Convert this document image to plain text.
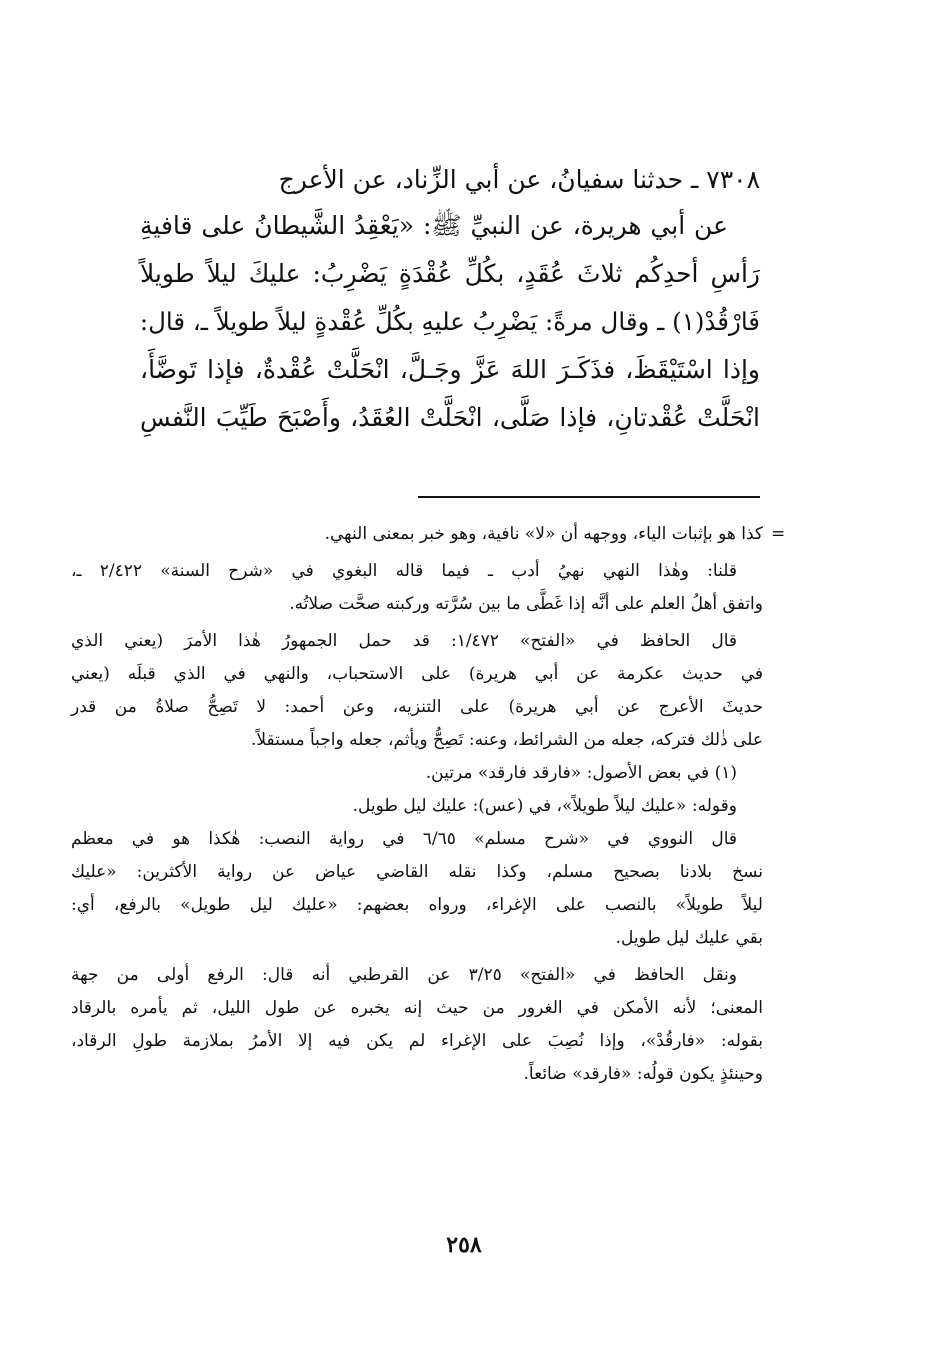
٧٣٠٨ ـ حدثنا سفيانُ، عن أبي الزِّناد، عن الأعرج

عن أبي هريرة، عن النبيِّ ﷺ: «يَعْقِدُ الشَّيطانُ على قافيةِ

رَأسِ أحدِكُم ثلاثَ عُقَدٍ، بكُلِّ عُقْدَةٍ يَضْرِبُ: عليكَ ليلاً طويلاً

فَارْقُدْ(١) ـ وقال مرةً: يَضْرِبُ عليهِ بكُلِّ عُقْدةٍ ليلاً طويلاً ـ، قال:

وإذا اسْتَيْقَظَ، فذَكَـرَ اللهَ عَزَّ وجَـلَّ، انْحَلَّتْ عُقْدةٌ، فإذا تَوضَّأَ،

انْحَلَّتْ عُقْدتانِ، فإذا صَلَّى، انْحَلَّتْ العُقَدُ، وأَصْبَحَ طَيِّبَ النَّفسِ

=
كذا هو بإثبات الياء، ووجهه أن «لا» نافية، وهو خبر بمعنى النهي.

قلنا: وهٰذا النهي نهيُ أدب ـ فيما قاله البغوي في «شرح السنة» ٢/٤٢٢ ـ،

واتفق أهلُ العلم على أنَّه إذا غَطَّى ما بين سُرَّته وركبته صحَّت صلاتُه.

قال الحافظ في «الفتح» ١/٤٧٢: قد حمل الجمهورُ هٰذا الأمرَ (يعني الذي

في حديث عكرمة عن أبي هريرة) على الاستحباب، والنهي في الذي قبلَه (يعني

حديثَ الأعرج عن أبي هريرة) على التنزيه، وعن أحمد: لا تَصِحُّ صلاةُ من قدر

على ذٰلك فتركه، جعله من الشرائط، وعنه: تَصِحُّ ويأثم، جعله واجباً مستقلاً.

(١) في بعض الأصول: «فارقد فارقد» مرتين.

وقوله: «عليك ليلاً طويلاً»، في (عس): عليك ليل طويل.

قال النووي في «شرح مسلم» ٦/٦٥ في رواية النصب: هٰكذا هو في معظم

نسخ بلادنا بصحيح مسلم، وكذا نقله القاضي عياض عن رواية الأكثرين: «عليك

ليلاً طويلاً» بالنصب على الإغراء، ورواه بعضهم: «عليك ليل طويل» بالرفع، أي:

بقي عليك ليل طويل.

ونقل الحافظ في «الفتح» ٣/٢٥ عن القرطبي أنه قال: الرفع أولى من جهة

المعنى؛ لأنه الأمكن في الغرور من حيث إنه يخبره عن طول الليل، ثم يأمره بالرقاد

بقوله: «فارقُدْ»، وإذا نُصِبَ على الإغراء لم يكن فيه إلا الأمرُ بملازمة طولِ الرقاد،

وحينئذٍ يكون قولُه: «فارقد» ضائعاً.

٢٥٨
